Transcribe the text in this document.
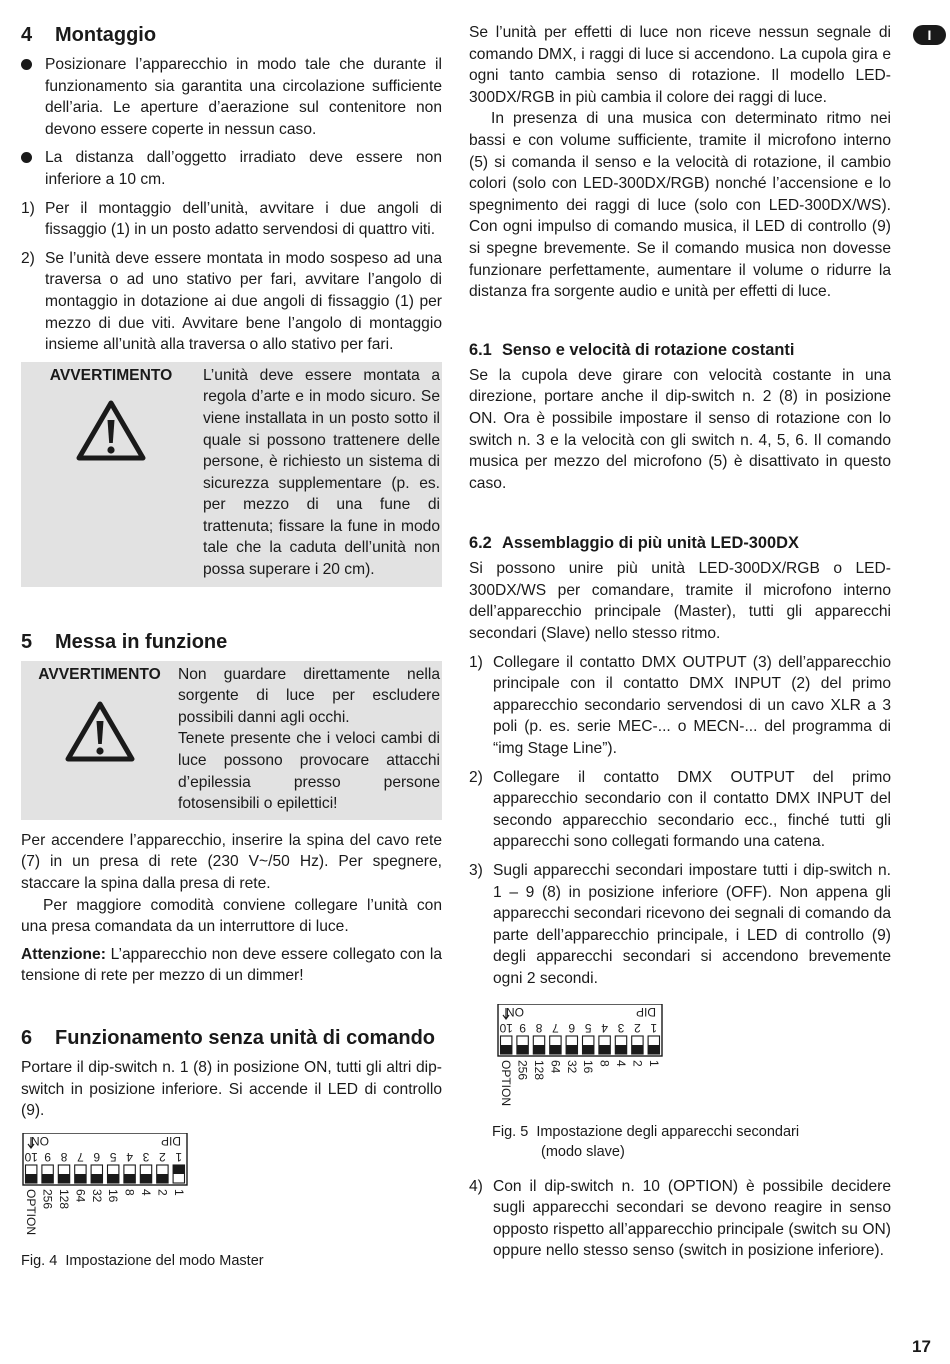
4 Montaggio
Posizionare l’apparecchio in modo tale che durante il funzionamento sia garantita una circolazione sufficiente dell’aria. Le aperture d’aerazione sul contenitore non devono essere coperte in nessun caso.
La distanza dall’oggetto irradiato deve essere non inferiore a 10 cm.
1) Per il montaggio dell’unità, avvitare i due angoli di fissaggio (1) in un posto adatto servendosi di quattro viti.
2) Se l’unità deve essere montata in modo sospeso ad una traversa o ad uno stativo per fari, avvitare l’angolo di montaggio in dotazione ai due angoli di fissaggio (1) per mezzo di due viti. Avvitare bene l’angolo di montaggio insieme all’unità alla traversa o allo stativo per fari.
AVVERTIMENTO	L’unità deve essere montata a regola d’arte e in modo sicuro. Se viene installata in un posto sotto il quale si possono trattenere delle persone, è richiesto un sistema di sicurezza supplementare (p. es. per mezzo di una fune di trattenuta; fissare la fune in modo tale che la caduta dell’unità non possa superare i 20 cm).
5 Messa in funzione
AVVERTIMENTO	Non guardare direttamente nella sorgente di luce per escludere possibili danni agli occhi.
Tenete presente che i veloci cambi di luce possono provocare attacchi d’epilessia presso persone fotosensibili o epilettici!

Per accendere l’apparecchio, inserire la spina del cavo rete (7) in un presa di rete (230 V~/50 Hz). Per spegnere, staccare la spina dalla presa di rete.

Per maggiore comodità conviene collegare l’unità con una presa comandata da un interruttore di luce.

Attenzione: L’apparecchio non deve essere collegato con la tensione di rete per mezzo di un dimmer!

6 Funzionamento senza unità di comando

Portare il dip-switch n. 1 (8) in posizione ON, tutti gli altri dip-switch in posizione inferiore. Si accende il LED di controllo (9).

ON	DIP
1
2
3
4
5
6
7
8
9
10
1
2
4
8
16
32
64
128
256
OPTION
Fig. 4 Impostazione del modo Master

Se l’unità per effetti di luce non riceve nessun segnale di comando DMX, i raggi di luce si accendono. La cupola gira e ogni tanto cambia senso di rotazione. Il modello LED-300DX/RGB in più cambia il colore dei raggi di luce.

In presenza di una musica con determinato ritmo nei bassi e con volume sufficiente, tramite il microfono interno (5) si comanda il senso e la velocità di rotazione, il cambio colori (solo con LED-300DX/RGB) nonché l’accensione e lo spegnimento dei raggi di luce (solo con LED-300DX/WS). Con ogni impulso di comando musica, il LED di controllo (9) si spegne brevemente. Se il comando musica non dovesse funzionare perfettamente, aumentare il volume o ridurre la distanza fra sorgente audio e unità per effetti di luce.

6.1 Senso e velocità di rotazione costanti

Se la cupola deve girare con velocità costante in una direzione, portare anche il dip-switch n. 2 (8) in posizione ON. Ora è possibile impostare il senso di rotazione con lo switch n. 3 e la velocità con gli switch n. 4, 5, 6. Il comando musica per mezzo del microfono (5) è disattivato in questo caso.

6.2 Assemblaggio di più unità LED-300DX

Si possono unire più unità LED-300DX/RGB o LED-300DX/WS per comandare, tramite il microfono interno dell’apparecchio principale (Master), tutti gli apparecchi secondari (Slave) nello stesso ritmo.

1) Collegare il contatto DMX OUTPUT (3) dell’apparecchio principale con il contatto DMX INPUT (2) del primo apparecchio secondario servendosi di un cavo XLR a 3 poli (p. es. serie MEC-... o MECN-... del programma di “img Stage Line”).
2) Collegare il contatto DMX OUTPUT del primo apparecchio secondario con il contatto DMX INPUT del secondo apparecchio secondario ecc., finché tutti gli apparecchi sono collegati formando una catena.
3) Sugli apparecchi secondari impostare tutti i dip-switch n. 1 – 9 (8) in posizione inferiore (OFF). Non appena gli apparecchi secondari ricevono dei segnali di comando da parte dell’apparecchio principale, i LED di controllo (9) degli apparecchi secondari si accendono brevemente ogni 2 secondi.
ON	DIP
1
2
3
4
5
6
7
8
9
10
1
2
4
8
16
32
64
128
256
OPTION
Fig. 5 Impostazione degli apparecchi secondari
(modo slave)
4) Con il dip-switch n. 10 (OPTION) è possibile decidere sugli apparecchi secondari se devono reagire in senso opposto rispetto all’apparecchio principale (switch su ON) oppure nello stesso senso (switch in posizione inferiore).
I
17
